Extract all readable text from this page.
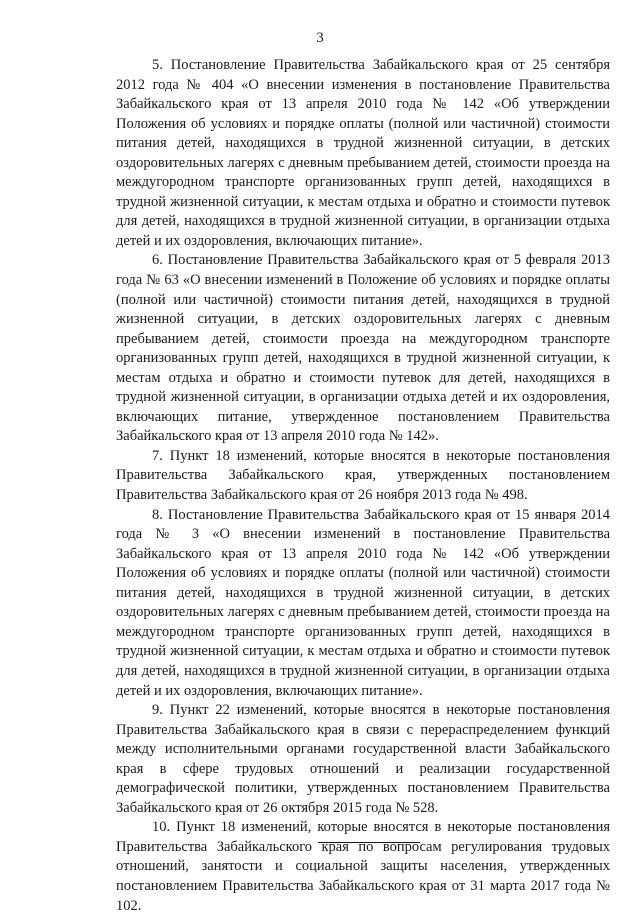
3

5. Постановление Правительства Забайкальского края от 25 сентября 2012 года № 404 «О внесении изменения в постановление Правительства Забайкальского края от 13 апреля 2010 года № 142 «Об утверждении Положения об условиях и порядке оплаты (полной или частичной) стоимости питания детей, находящихся в трудной жизненной ситуации, в детских оздоровительных лагерях с дневным пребыванием детей, стоимости проезда на междугородном транспорте организованных групп детей, находящихся в трудной жизненной ситуации, к местам отдыха и обратно и стоимости путевок для детей, находящихся в трудной жизненной ситуации, в организации отдыха детей и их оздоровления, включающих питание».

6. Постановление Правительства Забайкальского края от 5 февраля 2013 года № 63 «О внесении изменений в Положение об условиях и порядке оплаты (полной или частичной) стоимости питания детей, находящихся в трудной жизненной ситуации, в детских оздоровительных лагерях с дневным пребыванием детей, стоимости проезда на междугородном транспорте организованных групп детей, находящихся в трудной жизненной ситуации, к местам отдыха и обратно и стоимости путевок для детей, находящихся в трудной жизненной ситуации, в организации отдыха детей и их оздоровления, включающих питание, утвержденное постановлением Правительства Забайкальского края от 13 апреля 2010 года № 142».

7. Пункт 18 изменений, которые вносятся в некоторые постановления Правительства Забайкальского края, утвержденных постановлением Правительства Забайкальского края от 26 ноября 2013 года № 498.

8. Постановление Правительства Забайкальского края от 15 января 2014 года № 3 «О внесении изменений в постановление Правительства Забайкальского края от 13 апреля 2010 года № 142 «Об утверждении Положения об условиях и порядке оплаты (полной или частичной) стоимости питания детей, находящихся в трудной жизненной ситуации, в детских оздоровительных лагерях с дневным пребыванием детей, стоимости проезда на междугородном транспорте организованных групп детей, находящихся в трудной жизненной ситуации, к местам отдыха и обратно и стоимости путевок для детей, находящихся в трудной жизненной ситуации, в организации отдыха детей и их оздоровления, включающих питание».

9. Пункт 22 изменений, которые вносятся в некоторые постановления Правительства Забайкальского края в связи с перераспределением функций между исполнительными органами государственной власти Забайкальского края в сфере трудовых отношений и реализации государственной демографической политики, утвержденных постановлением Правительства Забайкальского края от 26 октября 2015 года № 528.

10. Пункт 18 изменений, которые вносятся в некоторые постановления Правительства Забайкальского края по вопросам регулирования трудовых отношений, занятости и социальной защиты населения, утвержденных постановлением Правительства Забайкальского края от 31 марта 2017 года № 102.
